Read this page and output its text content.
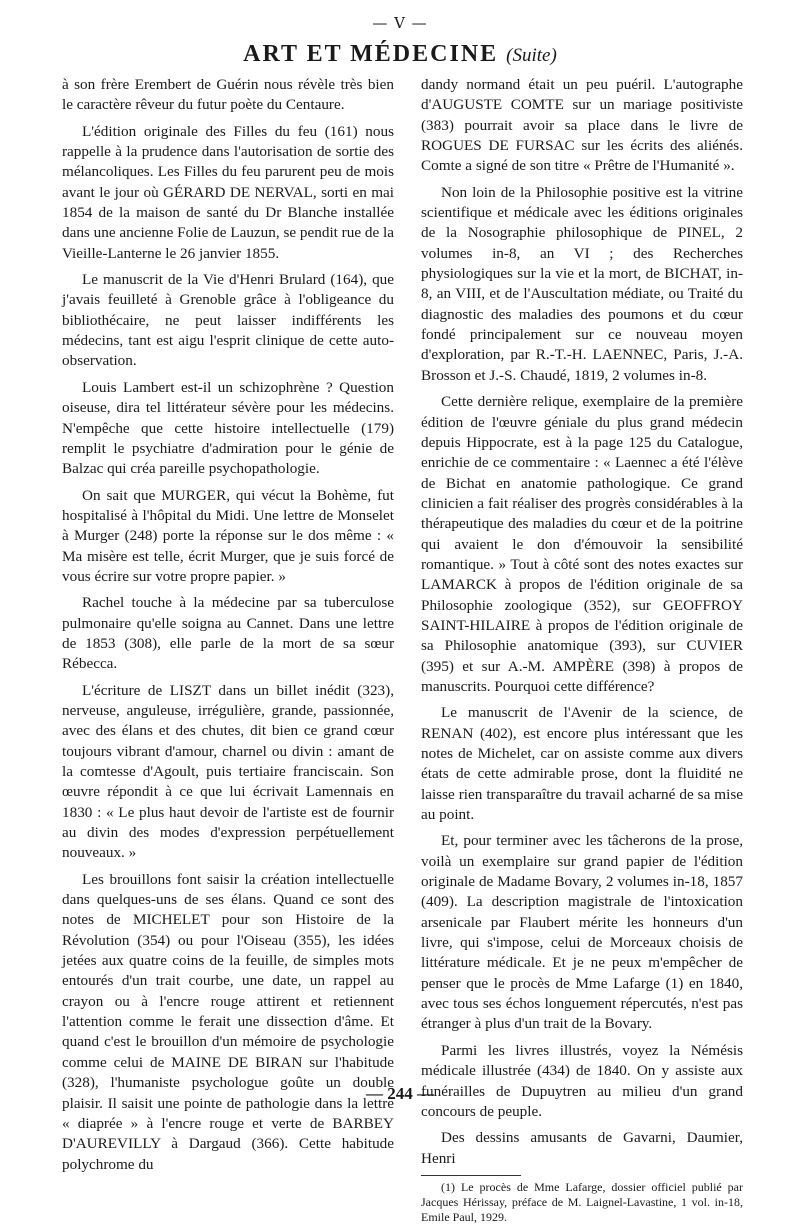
— V —
ART ET MÉDECINE (Suite)

à son frère Erembert de Guérin nous révèle très bien le caractère rêveur du futur poète du Centaure.

L'édition originale des Filles du feu (161) nous rappelle à la prudence dans l'autorisation de sortie des mélancoliques. Les Filles du feu parurent peu de mois avant le jour où GÉRARD DE NERVAL, sorti en mai 1854 de la maison de santé du Dr Blanche installée dans une ancienne Folie de Lauzun, se pendit rue de la Vieille-Lanterne le 26 janvier 1855.

Le manuscrit de la Vie d'Henri Brulard (164), que j'avais feuilleté à Grenoble grâce à l'obligeance du bibliothécaire, ne peut laisser indifférents les médecins, tant est aigu l'esprit clinique de cette auto-observation.

Louis Lambert est-il un schizophrène ? Question oiseuse, dira tel littérateur sévère pour les médecins. N'empêche que cette histoire intellectuelle (179) remplit le psychiatre d'admiration pour le génie de Balzac qui créa pareille psychopathologie.

On sait que MURGER, qui vécut la Bohème, fut hospitalisé à l'hôpital du Midi. Une lettre de Monselet à Murger (248) porte la réponse sur le dos même : « Ma misère est telle, écrit Murger, que je suis forcé de vous écrire sur votre propre papier. »

Rachel touche à la médecine par sa tuberculose pulmonaire qu'elle soigna au Cannet. Dans une lettre de 1853 (308), elle parle de la mort de sa sœur Rébecca.

L'écriture de LISZT dans un billet inédit (323), nerveuse, anguleuse, irrégulière, grande, passionnée, avec des élans et des chutes, dit bien ce grand cœur toujours vibrant d'amour, charnel ou divin : amant de la comtesse d'Agoult, puis tertiaire franciscain. Son œuvre répondit à ce que lui écrivait Lamennais en 1830 : « Le plus haut devoir de l'artiste est de fournir au divin des modes d'expression perpétuellement nouveaux. »

Les brouillons font saisir la création intellectuelle dans quelques-uns de ses élans. Quand ce sont des notes de MICHELET pour son Histoire de la Révolution (354) ou pour l'Oiseau (355), les idées jetées aux quatre coins de la feuille, de simples mots entourés d'un trait courbe, une date, un rappel au crayon ou à l'encre rouge attirent et retiennent l'attention comme le ferait une dissection d'âme. Et quand c'est le brouillon d'un mémoire de psychologie comme celui de MAINE DE BIRAN sur l'habitude (328), l'humaniste psychologue goûte un double plaisir. Il saisit une pointe de pathologie dans la lettre « diaprée » à l'encre rouge et verte de BARBEY D'AUREVILLY à Dargaud (366). Cette habitude polychrome du

dandy normand était un peu puéril. L'autographe d'AUGUSTE COMTE sur un mariage positiviste (383) pourrait avoir sa place dans le livre de ROGUES DE FURSAC sur les écrits des aliénés. Comte a signé de son titre « Prêtre de l'Humanité ».

Non loin de la Philosophie positive est la vitrine scientifique et médicale avec les éditions originales de la Nosographie philosophique de PINEL, 2 volumes in-8, an VI ; des Recherches physiologiques sur la vie et la mort, de BICHAT, in-8, an VIII, et de l'Auscultation médiate, ou Traité du diagnostic des maladies des poumons et du cœur fondé principalement sur ce nouveau moyen d'exploration, par R.-T.-H. LAENNEC, Paris, J.-A. Brosson et J.-S. Chaudé, 1819, 2 volumes in-8.

Cette dernière relique, exemplaire de la première édition de l'œuvre géniale du plus grand médecin depuis Hippocrate, est à la page 125 du Catalogue, enrichie de ce commentaire : « Laennec a été l'élève de Bichat en anatomie pathologique. Ce grand clinicien a fait réaliser des progrès considérables à la thérapeutique des maladies du cœur et de la poitrine qui avaient le don d'émouvoir la sensibilité romantique. » Tout à côté sont des notes exactes sur LAMARCK à propos de l'édition originale de sa Philosophie zoologique (352), sur GEOFFROY SAINT-HILAIRE à propos de l'édition originale de sa Philosophie anatomique (393), sur CUVIER (395) et sur A.-M. AMPÈRE (398) à propos de manuscrits. Pourquoi cette différence?

Le manuscrit de l'Avenir de la science, de RENAN (402), est encore plus intéressant que les notes de Michelet, car on assiste comme aux divers états de cette admirable prose, dont la fluidité ne laisse rien transparaître du travail acharné de sa mise au point.

Et, pour terminer avec les tâcherons de la prose, voilà un exemplaire sur grand papier de l'édition originale de Madame Bovary, 2 volumes in-18, 1857 (409). La description magistrale de l'intoxication arsenicale par Flaubert mérite les honneurs d'un livre, qui s'impose, celui de Morceaux choisis de littérature médicale. Et je ne peux m'empêcher de penser que le procès de Mme Lafarge (1) en 1840, avec tous ses échos longuement répercutés, n'est pas étranger à plus d'un trait de la Bovary.

Parmi les livres illustrés, voyez la Némésis médicale illustrée (434) de 1840. On y assiste aux funérailles de Dupuytren au milieu d'un grand concours de peuple.

Des dessins amusants de Gavarni, Daumier, Henri

(1) Le procès de Mme Lafarge, dossier officiel publié par Jacques Hérissay, préface de M. Laignel-Lavastine, 1 vol. in-18, Emile Paul, 1929.

— 244 —
